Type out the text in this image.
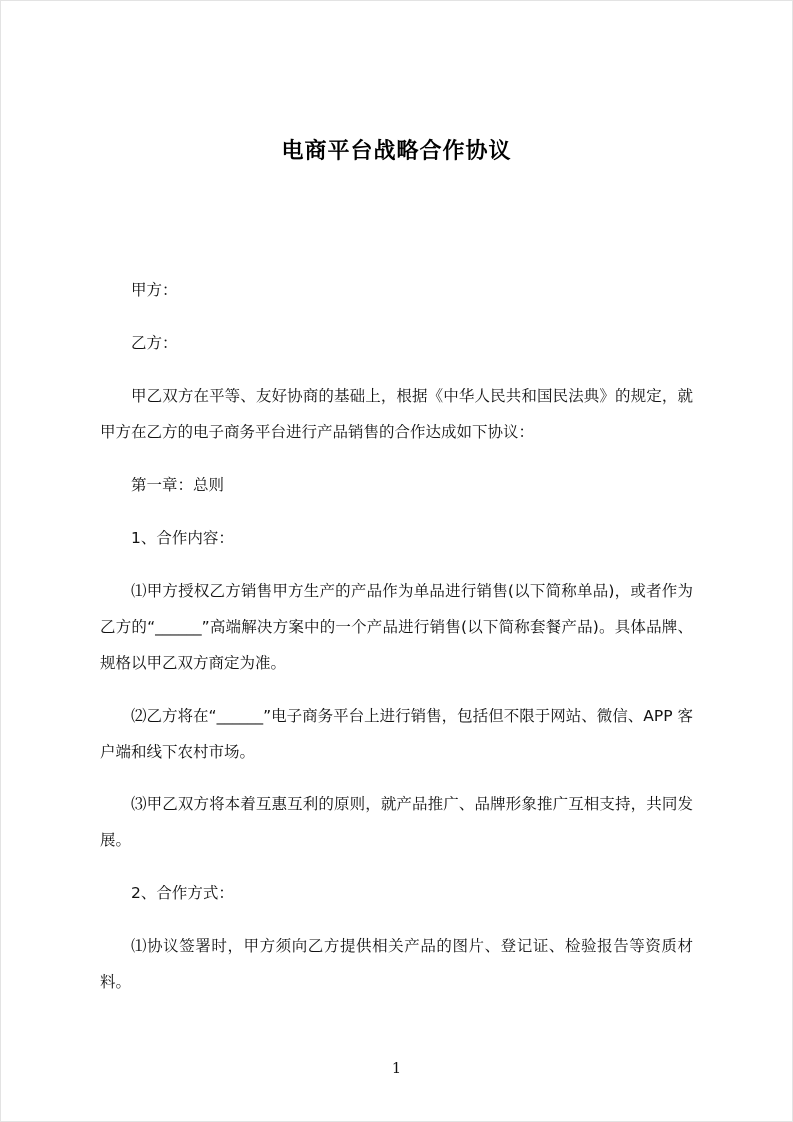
电商平台战略合作协议

甲方：

乙方：

甲乙双方在平等、友好协商的基础上，根据《中华人民共和国民法典》的规定，就甲方在乙方的电子商务平台进行产品销售的合作达成如下协议：

第一章：总则

1、合作内容：

⑴甲方授权乙方销售甲方生产的产品作为单品进行销售(以下简称单品)，或者作为乙方的“______”高端解决方案中的一个产品进行销售(以下简称套餐产品)。具体品牌、规格以甲乙双方商定为准。

⑵乙方将在“______”电子商务平台上进行销售，包括但不限于网站、微信、APP 客户端和线下农村市场。

⑶甲乙双方将本着互惠互利的原则，就产品推广、品牌形象推广互相支持，共同发展。

2、合作方式：

⑴协议签署时，甲方须向乙方提供相关产品的图片、登记证、检验报告等资质材料。

1
